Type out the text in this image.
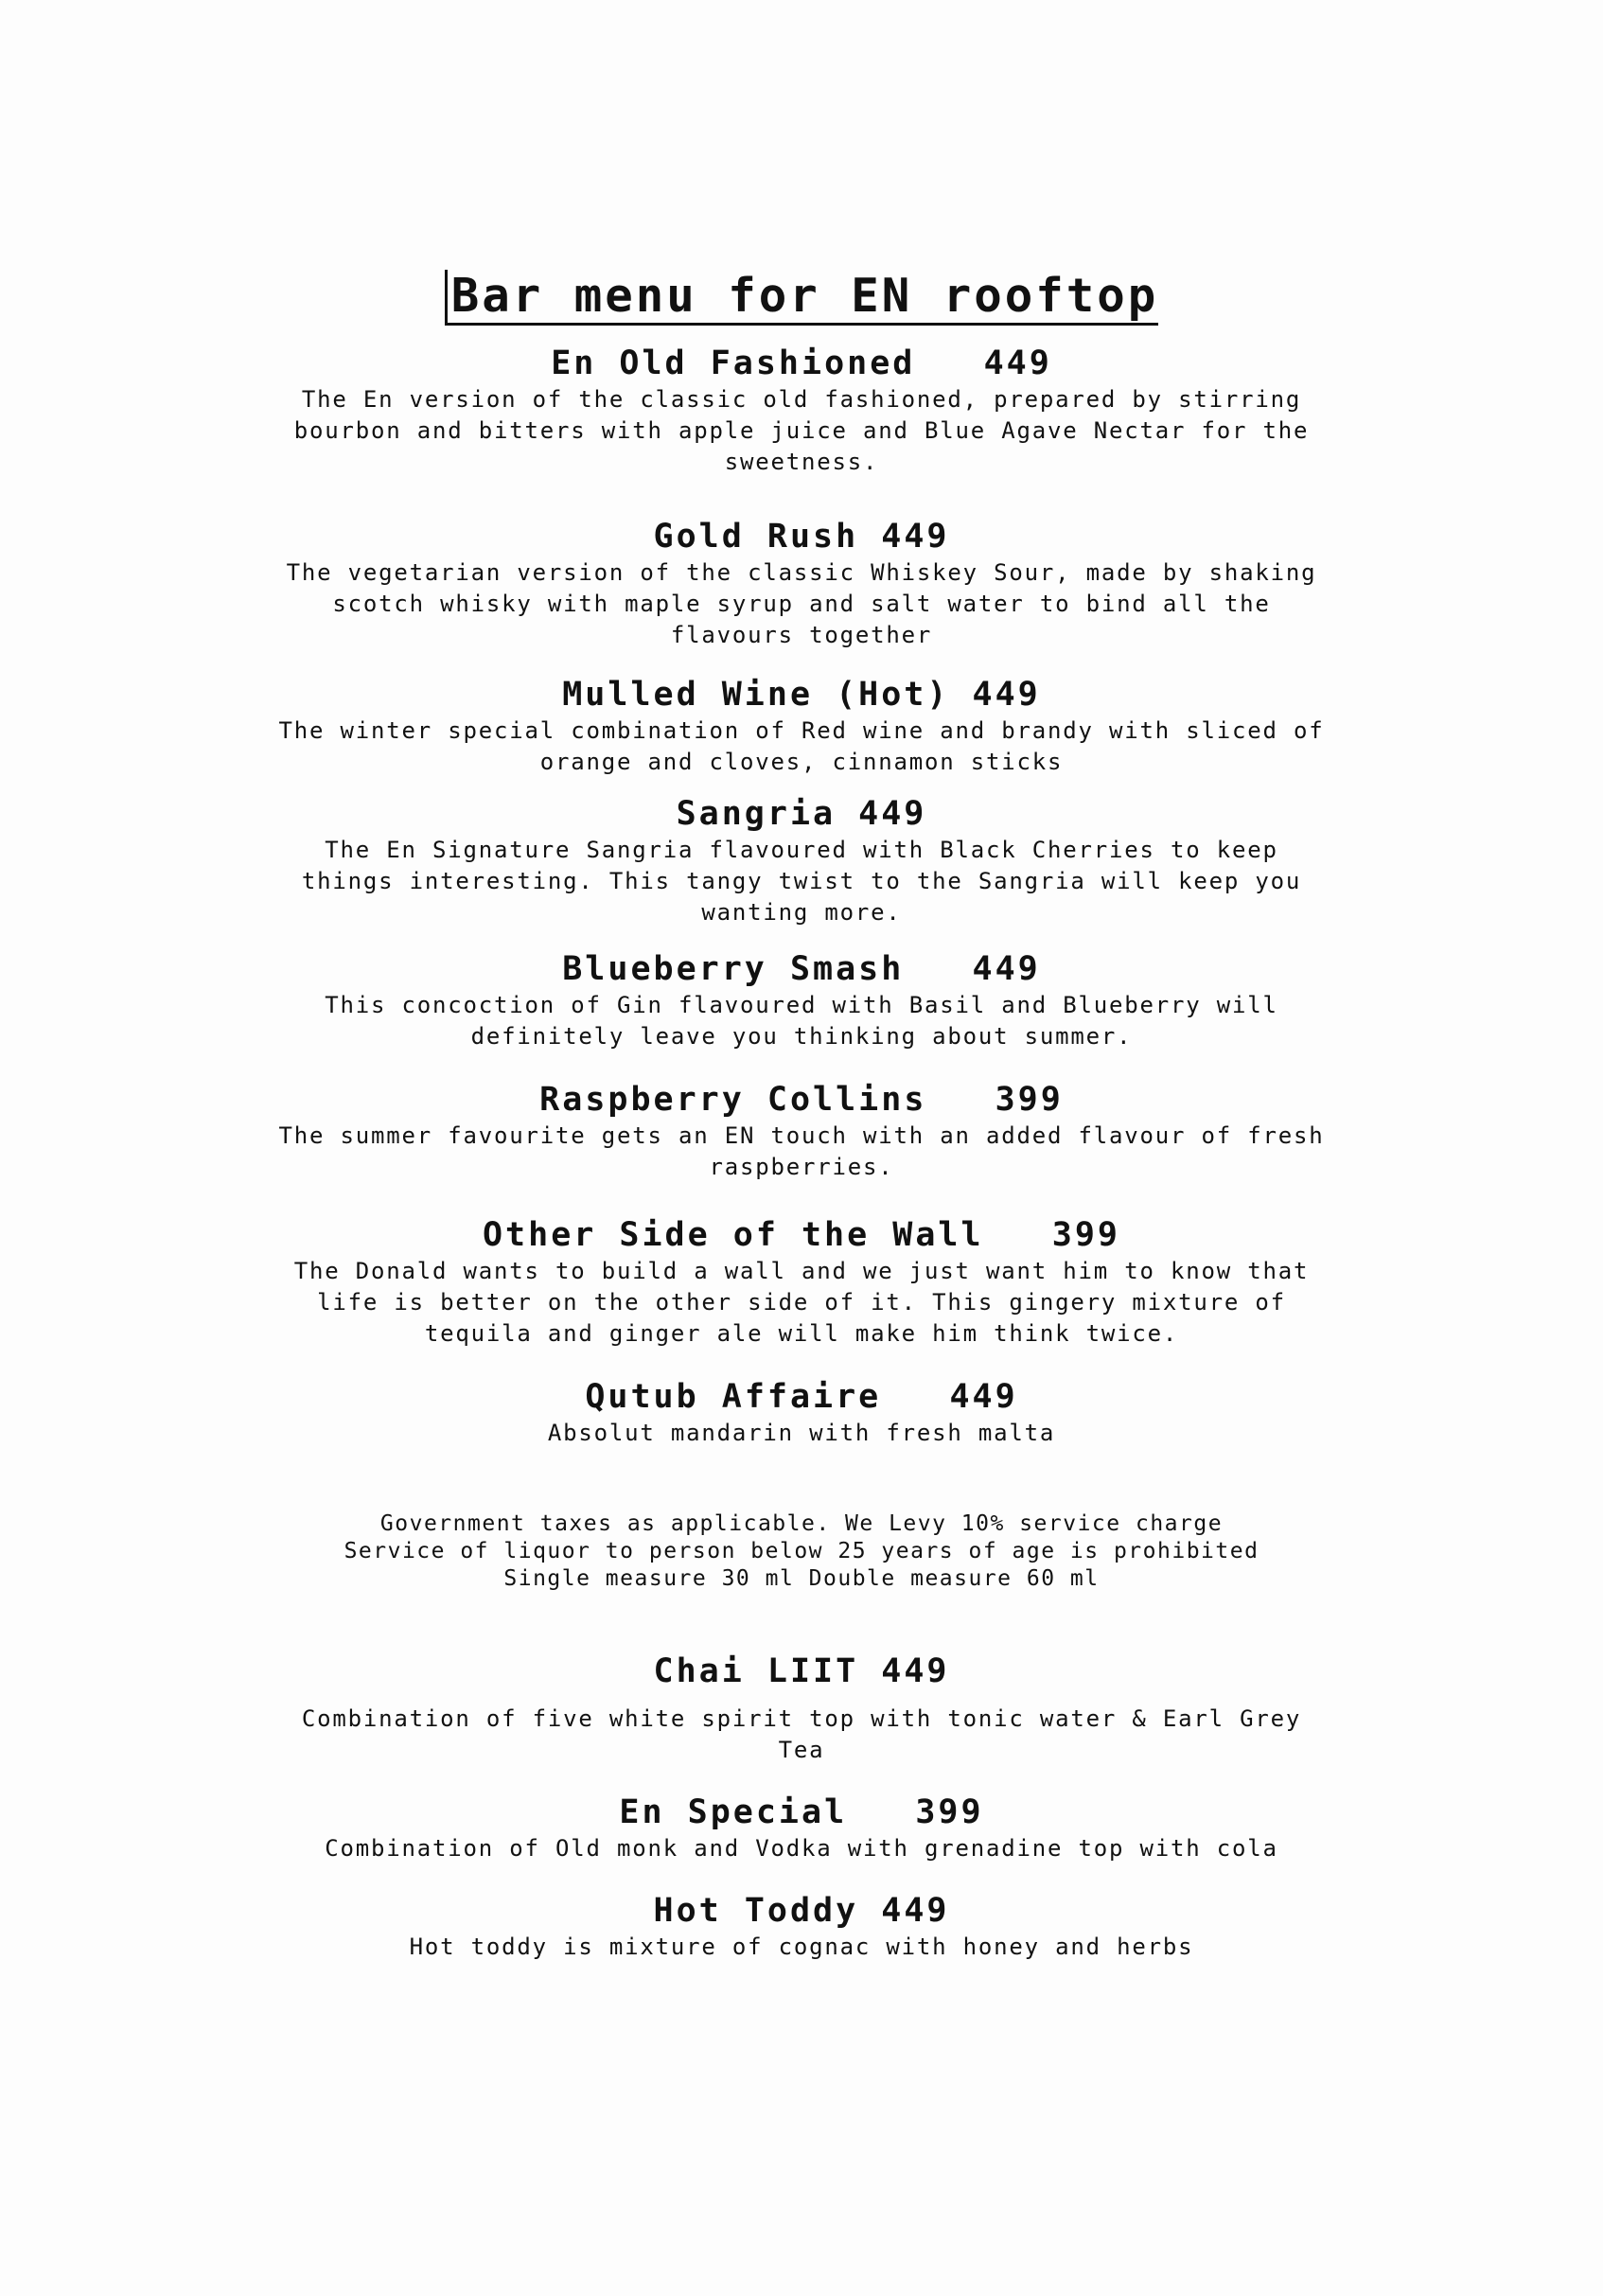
Bar menu for EN rooftop
En Old Fashioned   449
The En version of the classic old fashioned, prepared by stirring
bourbon and bitters with apple juice and Blue Agave Nectar for the
sweetness.
Gold Rush 449
The vegetarian version of the classic Whiskey Sour, made by shaking
scotch whisky with maple syrup and salt water to bind all the
flavours together
Mulled Wine (Hot) 449
The winter special combination of Red wine and brandy with sliced of
orange and cloves, cinnamon sticks
Sangria 449
The En Signature Sangria flavoured with Black Cherries to keep
things interesting. This tangy twist to the Sangria will keep you
wanting more.
Blueberry Smash   449
This concoction of Gin flavoured with Basil and Blueberry will
definitely leave you thinking about summer.
Raspberry Collins   399
The summer favourite gets an EN touch with an added flavour of fresh
raspberries.
Other Side of the Wall   399
The Donald wants to build a wall and we just want him to know that
life is better on the other side of it. This gingery mixture of
tequila and ginger ale will make him think twice.
Qutub Affaire   449
Absolut mandarin with fresh malta
Government taxes as applicable. We Levy 10% service charge
Service of liquor to person below 25 years of age is prohibited
Single measure 30 ml Double measure 60 ml
Chai LIIT 449
Combination of five white spirit top with tonic water & Earl Grey
Tea
En Special   399
Combination of Old monk and Vodka with grenadine top with cola
Hot Toddy 449
Hot toddy is mixture of cognac with honey and herbs
